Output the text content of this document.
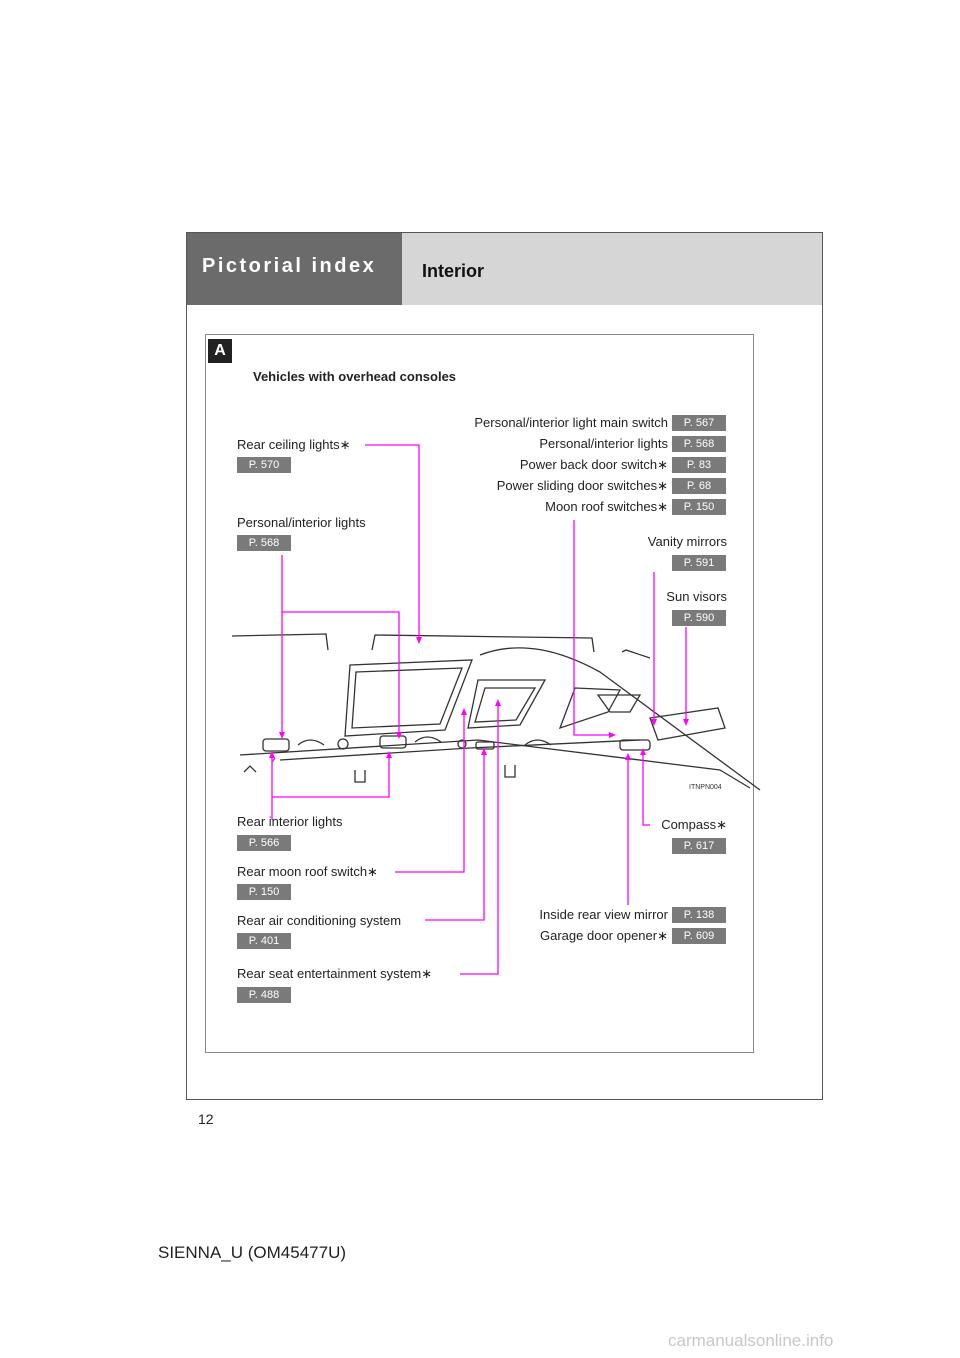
Pictorial index	Interior
A
Vehicles with overhead consoles
ITNPN004
Rear ceiling lights∗
P. 570
Personal/interior lights
P. 568
Rear interior lights
P. 566
Rear moon roof switch∗
P. 150
Rear air conditioning system
P. 401
Rear seat entertainment system∗
P. 488
Personal/interior light main switch	P. 567
Personal/interior lights	P. 568
Power back door switch∗	P. 83
Power sliding door switches∗	P. 68
Moon roof switches∗	P. 150
Vanity mirrors
P. 591
Sun visors
P. 590
Compass∗
P. 617
Inside rear view mirror	P. 138
Garage door opener∗	P. 609
12
SIENNA_U (OM45477U)
carmanualsonline.info
